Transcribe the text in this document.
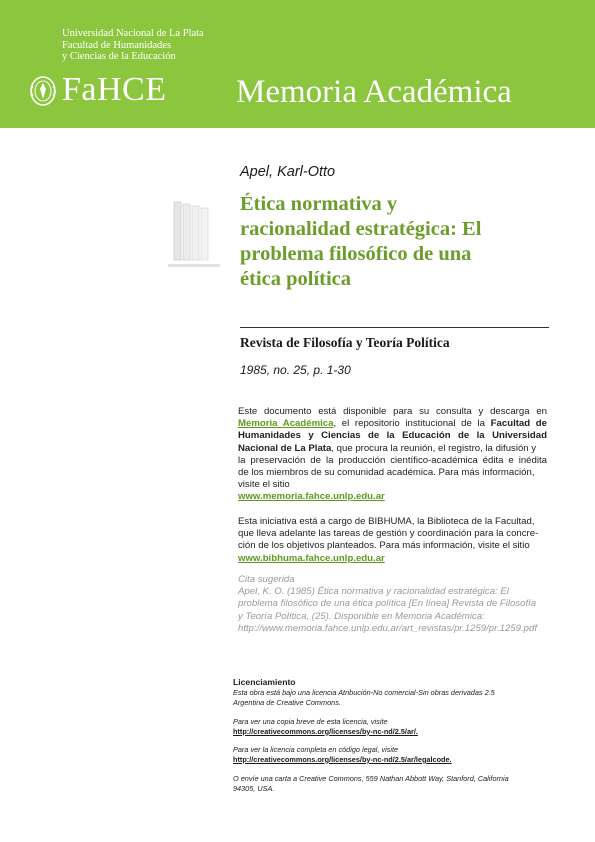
Universidad Nacional de La Plata
Facultad de Humanidades
y Ciencias de la Educación
FaHCE Memoria Académica
Apel, Karl-Otto
Ética normativa y
racionalidad estratégica: El
problema filosófico de una
ética política
Revista de Filosofía y Teoría Política
1985, no. 25, p. 1-30
Este documento está disponible para su consulta y descarga en
Memoria Académica, el repositorio institucional de la Facultad de
Humanidades y Ciencias de la Educación de la Universidad
Nacional de La Plata, que procura la reunión, el registro, la difusión y
la preservación de la producción científico-académica édita e inédita
de los miembros de su comunidad académica. Para más información,
visite el sitio
www.memoria.fahce.unlp.edu.ar
Esta iniciativa está a cargo de BIBHUMA, la Biblioteca de la Facultad,
que lleva adelante las tareas de gestión y coordinación para la concre-
ción de los objetivos planteados. Para más información, visite el sitio
www.bibhuma.fahce.unlp.edu.ar
Cita sugerida
Apel, K. O. (1985) Ética normativa y racionalidad estratégica: El
problema filosófico de una ética política [En línea] Revista de Filosofía
y Teoría Política, (25). Disponible en Memoria Académica:
http://www.memoria.fahce.unlp.edu.ar/art_revistas/pr.1259/pr.1259.pdf
Licenciamiento
Esta obra está bajo una licencia Atribución-No comercial-Sin obras derivadas 2.5
Argentina de Creative Commons.
Para ver una copia breve de esta licencia, visite
http://creativecommons.org/licenses/by-nc-nd/2.5/ar/.
Para ver la licencia completa en código legal, visite
http://creativecommons.org/licenses/by-nc-nd/2.5/ar/legalcode.
O envíe una carta a Creative Commons, 559 Nathan Abbott Way, Stanford, California
94305, USA.
